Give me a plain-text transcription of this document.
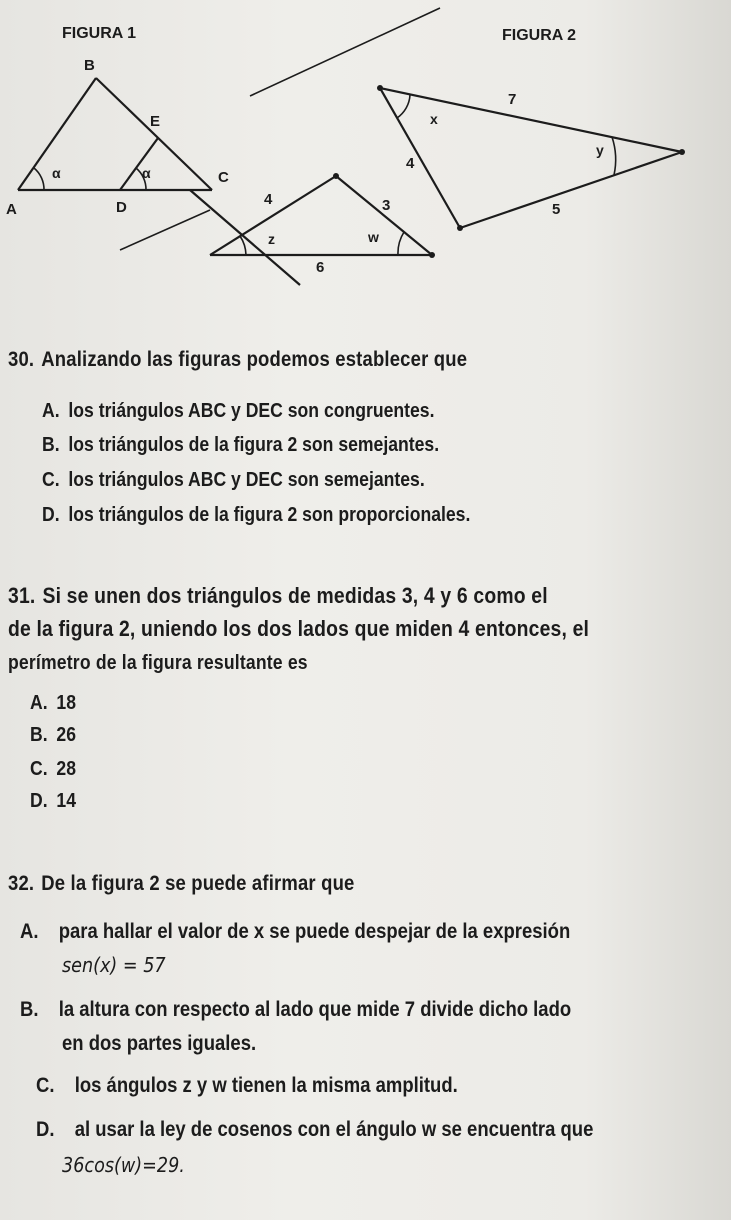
FIGURA 1
B
E
A	D
C
α	α
FIGURA 2
7
4
5
x
y
4	3
6
z	w
30. Analizando las figuras podemos establecer que
A. los triángulos ABC y DEC son congruentes.
B. los triángulos de la figura 2 son semejantes.
C. los triángulos ABC y DEC son semejantes.
D. los triángulos de la figura 2 son proporcionales.
31. Si se unen dos triángulos de medidas 3, 4 y 6 como el
de la figura 2, uniendo los dos lados que miden 4 entonces, el
perímetro de la figura resultante es
A. 18
B. 26
C. 28
D. 14
32. De la figura 2 se puede afirmar que
A. para hallar el valor de x se puede despejar de la expresión
sen(x) = 57
B. la altura con respecto al lado que mide 7 divide dicho lado
en dos partes iguales.
C. los ángulos z y w tienen la misma amplitud.
D. al usar la ley de cosenos con el ángulo w se encuentra que
36cos(w)=29.
